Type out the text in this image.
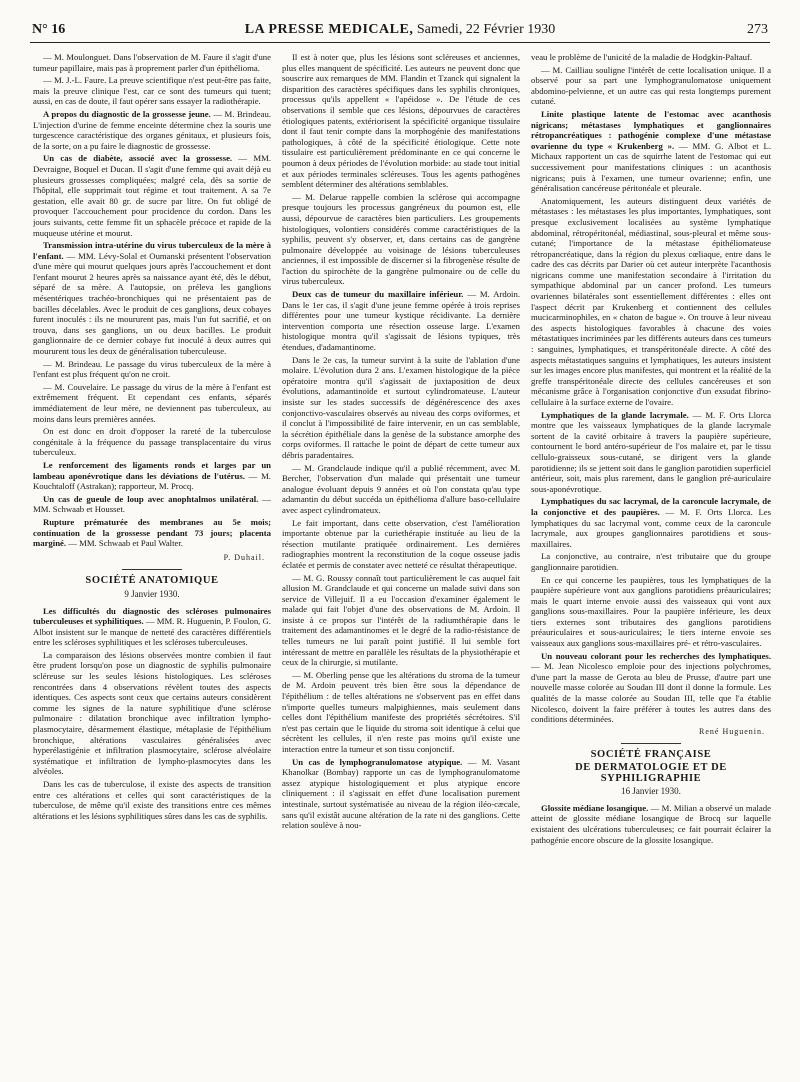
N° 16	LA PRESSE MEDICALE, Samedi, 22 Février 1930	273

— M. Moulonguet. Dans l'observation de M. Faure il s'agit d'une tumeur papillaire, mais pas à proprement parler d'un épithélioma.

— M. J.-L. Faure. La preuve scientifique n'est peut-être pas faite, mais la preuve clinique l'est, car ce sont des tumeurs qui tuent; aussi, en cas de doute, il faut opérer sans essayer la radiothérapie.

A propos du diagnostic de la grossesse jeune. — M. Brindeau. L'injection d'urine de femme enceinte détermine chez la souris une turgescence caractéristique des organes génitaux, et plusieurs fois, de la sorte, on a pu faire le diagnostic de grossesse.

Un cas de diabète, associé avec la grossesse. — MM. Devraigne, Boquel et Ducan. Il s'agit d'une femme qui avait déjà eu plusieurs grossesses compliquées; malgré cela, dès sa sortie de l'hôpital, elle supprimait tout régime et tout traitement. A sa 7e gestation, elle avait 80 gr. de sucre par litre. On fut obligé de provoquer l'accouchement pour procidence du cordon. Dans les jours suivants, cette femme fit un sphacèle précoce et rapide de la muqueuse utérine et mourut.

Transmission intra-utérine du virus tuberculeux de la mère à l'enfant. — MM. Lévy-Solal et Oumanski présentent l'observation d'une mère qui mourut quelques jours après l'accouchement et dont l'enfant mourut 2 heures après sa naissance ayant été, dès le début, séparé de sa mère. A l'autopsie, on préleva les ganglions mésentériques trachéo-bronchiques qui ne présentaient pas de bacilles décelables. Avec le produit de ces ganglions, deux cobayes furent inoculés : ils ne moururent pas, mais l'un fut sacrifié, et on trouva, dans ses ganglions, un ou deux bacilles. Le produit ganglionnaire de ce dernier cobaye fut inoculé à deux autres qui moururent tous les deux de généralisation tuberculeuse.

— M. Brindeau. Le passage du virus tuberculeux de la mère à l'enfant est plus fréquent qu'on ne croit.

— M. Couvelaire. Le passage du virus de la mère à l'enfant est extrêmement fréquent. Et cependant ces enfants, séparés immédiatement de leur mère, ne deviennent pas tuberculeux, au moins dans leurs premières années.

On est donc en droit d'opposer la rareté de la tuberculose congénitale à la fréquence du passage transplacentaire du virus tuberculeux.

Le renforcement des ligaments ronds et larges par un lambeau aponévrotique dans les déviations de l'utérus. — M. Kouchtaloff (Astrakan); rapporteur, M. Procq.

Un cas de gueule de loup avec anophtalmos unilatéral. — MM. Schwaab et Housset.

Rupture prématurée des membranes au 5e mois; continuation de la grossesse pendant 73 jours; placenta marginé. — MM. Schwaab et Paul Walter.

P. Duhail.
SOCIÉTÉ ANATOMIQUE
9 Janvier 1930.

Les difficultés du diagnostic des scléroses pulmonaires tuberculeuses et syphilitiques. — MM. R. Huguenin, P. Foulon, G. Albot insistent sur le manque de netteté des caractères différentiels entre les scléroses syphilitiques et les scléroses tuberculeuses.

La comparaison des lésions observées montre combien il faut être prudent lorsqu'on pose un diagnostic de syphilis pulmonaire scléreuse sur les seules lésions histologiques. Les scléroses rencontrées dans 4 observations révèlent toutes des aspects identiques. Ces aspects sont ceux que certains auteurs considèrent comme les signes de la nature syphilitique d'une sclérose pulmonaire : dilatation bronchique avec infiltration lympho-plasmocytaire, désarmement élastique, métaplasie de l'épithélium bronchique, altérations vasculaires généralisées avec hyperélastigénie et infiltration plasmocytaire, sclérose alvéolaire systématique et infiltration de lympho-plasmocytes dans les alvéoles.

Dans les cas de tuberculose, il existe des aspects de transition entre ces altérations et celles qui sont caractéristiques de la tuberculose, de même qu'il existe des transitions entre ces mêmes altérations et les lésions syphilitiques sûres dans les cas de syphilis.

Il est à noter que, plus les lésions sont scléreuses et anciennes, plus elles manquent de spécificité. Les auteurs ne peuvent donc que souscrire aux remarques de MM. Flandin et Tzanck qui signalent la disparition des caractères spécifiques dans les syphilis chroniques, processus qu'ils appellent « l'apéidose ». De l'étude de ces observations il semble que ces lésions, dépourvues de caractères étiologiques patents, extériorisent la spécificité organique tissulaire dont il faut tenir compte dans la morphogénie des manifestations pathologiques, à côté de la spécificité étiologique. Cette note tissulaire est particulièrement prédominante en ce qui concerne le poumon à deux périodes de l'évolution morbide: au stade tout initial et aux périodes terminales scléreuses. Tous les agents pathogènes semblent déterminer des altérations semblables.

— M. Delarue rappelle combien la sclérose qui accompagne presque toujours les processus gangréneux du poumon est, elle aussi, dépourvue de caractères bien particuliers. Les groupements histologiques, volontiers considérés comme caractéristiques de la syphilis, peuvent s'y observer, et, dans certains cas de gangrène pulmonaire développée au voisinage de lésions tuberculeuses anciennes, il est impossible de discerner si la fibrogenèse résulte de l'action du spirochète de la gangrène pulmonaire ou de celle du virus tuberculeux.

Deux cas de tumeur du maxillaire inférieur. — M. Ardoin. Dans le 1er cas, il s'agit d'une jeune femme opérée à trois reprises différentes pour une tumeur kystique récidivante. La dernière intervention comporta une résection osseuse large. L'examen histologique montra qu'il s'agissait de lésions typiques, très étendues, d'adamantinome.

Dans le 2e cas, la tumeur survint à la suite de l'ablation d'une molaire. L'évolution dura 2 ans. L'examen histologique de la pièce opératoire montra qu'il s'agissait de juxtaposition de deux évolutions, adamantinoïde et surtout cylindromateuse. L'auteur insiste sur les stades successifs de dégénérescence des axes conjonctivo-vasculaires observés au niveau des corps oviformes, et il conclut à l'impossibilité de faire intervenir, en un cas semblable, la sécrétion épithéliale dans la genèse de la substance amorphe des corps oviformes. Il rattache le point de départ de cette tumeur aux débris paradentaires.

— M. Grandclaude indique qu'il a publié récemment, avec M. Bercher, l'observation d'un malade qui présentait une tumeur analogue évoluant depuis 9 années et où l'on constata qu'au type adamantin du début succéda un épithélioma d'allure baso-cellulaire avec aspect cylindromateux.

Le fait important, dans cette observation, c'est l'amélioration importante obtenue par la curiethérapie instituée au lieu de la résection mutilante pratiquée ordinairement. Les dernières radiographies montrent la reconstitution de la coque osseuse jadis éclatée et permis de constater avec netteté ce résultat thérapeutique.

— M. G. Roussy connaît tout particulièrement le cas auquel fait allusion M. Grandclaude et qui concerne un malade suivi dans son service de Villejuif. Il a eu l'occasion d'examiner également le malade qui fait l'objet d'une des observations de M. Ardoin. Il insiste à ce propos sur l'intérêt de la radiumthérapie dans le traitement des adamantinomes et le degré de la radio-résistance de telles tumeurs ne lui paraît point justifié. Il lui semble fort intéressant de mettre en parallèle les résultats de la physiothérapie et ceux de la chirurgie, si mutilante.

— M. Oberling pense que les altérations du stroma de la tumeur de M. Ardoin peuvent très bien être sous la dépendance de l'épithélium : de telles altérations ne s'observent pas en effet dans n'importe quelles tumeurs malpighiennes, mais seulement dans celles dont l'épithélium manifeste des propriétés sécrétoires. S'il n'est pas certain que le liquide du stroma soit identique à celui que sécrètent les cellules, il n'en reste pas moins qu'il existe une interaction entre la tumeur et son tissu conjonctif.

Un cas de lymphogranulomatose atypique. — M. Vasant Khanolkar (Bombay) rapporte un cas de lymphogranulomatome assez atypique histologiquement et plus atypique encore cliniquement : il s'agissait en effet d'une localisation purement intestinale, surtout systématisée au niveau de la région iléo-cæcale, sans qu'il existât aucune altération de la rate ni des ganglions. Cette relation soulève à nou-

veau le problème de l'unicité de la maladie de Hodgkin-Paltauf.

— M. Cailliau souligne l'intérêt de cette localisation unique. Il a observé pour sa part une lymphogranulomatose uniquement abdomino-pelvienne, et un autre cas qui resta longtemps purement cutané.

Linite plastique latente de l'estomac avec acanthosis nigricans; métastases lymphatiques et ganglionnaires rétropancréatiques : pathogénie complexe d'une métastase ovarienne du type « Krukenberg ». — MM. G. Albot et L. Michaux rapportent un cas de squirrhe latent de l'estomac qui eut successivement pour manifestations cliniques : un acanthosis nigricans; puis à l'examen, une tumeur ovarienne; enfin, une généralisation cancéreuse péritonéale et pleurale.

Anatomiquement, les auteurs distinguent deux variétés de métastases : les métastases les plus importantes, lymphatiques, sont presque exclusivement localisées au système lymphatique abdominal, rétropéritonéal, médiastinal, sous-pleural et même sous-cutané; l'importance de la métastase épithéliomateuse rétropancréatique, dans la région du plexus cœliaque, entre dans le cadre des cas décrits par Darier où cet auteur interprète l'acanthosis nigricans comme une manifestation secondaire à l'irritation du sympathique abdominal par un cancer profond. Les tumeurs ovariennes bilatérales sont essentiellement différentes : elles ont l'aspect décrit par Krukenberg et contiennent des cellules mucicarminophiles, en « chaton de bague ». On trouve à leur niveau des aspects histologiques favorables à chacune des voies métastatiques incriminées par les différents auteurs dans ces tumeurs : sanguines, lymphatiques, et transpéritonéale directe. A côté des aspects métastatiques sanguins et lymphatiques, les auteurs insistent sur les images encore plus manifestes, qui montrent et la réalité de la greffe transpéritonéale directe des cellules cancéreuses et son mécanisme grâce à l'organisation conjonctive d'un exsudat fibrino-cellulaire à la surface externe de l'ovaire.

Lymphatiques de la glande lacrymale. — M. F. Orts Llorca montre que les vaisseaux lymphatiques de la glande lacrymale sortent de la cavité orbitaire à travers la paupière supérieure, contournent le bord antéro-supérieur de l'os malaire et, par le tissu cellulo-graisseux sous-cutané, se dirigent vers la glande parotidienne; ils se jettent soit dans le ganglion parotidien superficiel antérieur, soit, mais plus rarement, dans le ganglion pré-auriculaire sous-aponévrotique.

Lymphatiques du sac lacrymal, de la caroncule lacrymale, de la conjonctive et des paupières. — M. F. Orts Llorca. Les lymphatiques du sac lacrymal vont, comme ceux de la caroncule lacrymale, aux groupes ganglionnaires parotidiens et sous-maxillaires.

La conjonctive, au contraire, n'est tributaire que du groupe ganglionnaire parotidien.

En ce qui concerne les paupières, tous les lymphatiques de la paupière supérieure vont aux ganglions parotidiens préauriculaires; mais le quart interne envoie aussi des vaisseaux qui vont aux ganglions sous-maxillaires. Pour la paupière inférieure, les deux tiers externes sont tributaires des ganglions parotidiens préauriculaires et sous-auriculaires; le tiers interne envoie ses vaisseaux aux ganglions sous-maxillaires pré- et rétro-vasculaires.

Un nouveau colorant pour les recherches des lymphatiques. — M. Jean Nicolesco emploie pour des injections polychromes, d'une part la masse de Gerota au bleu de Prusse, d'autre part une nouvelle masse colorée au Soudan III dont il donne la formule. Les qualités de la masse colorée au Soudan III, telle que l'a établie Nicolesco, doivent la faire préférer à toutes les autres dans des conditions déterminées.

René Huguenin.
SOCIÉTÉ FRANÇAISE
DE DERMATOLOGIE ET DE SYPHILIGRAPHIE
16 Janvier 1930.

Glossite médiane losangique. — M. Milian a observé un malade atteint de glossite médiane losangique de Brocq sur laquelle existaient des ulcérations tuberculeuses; ce fait pourrait éclairer la pathogénie encore obscure de la glossite losangique.
